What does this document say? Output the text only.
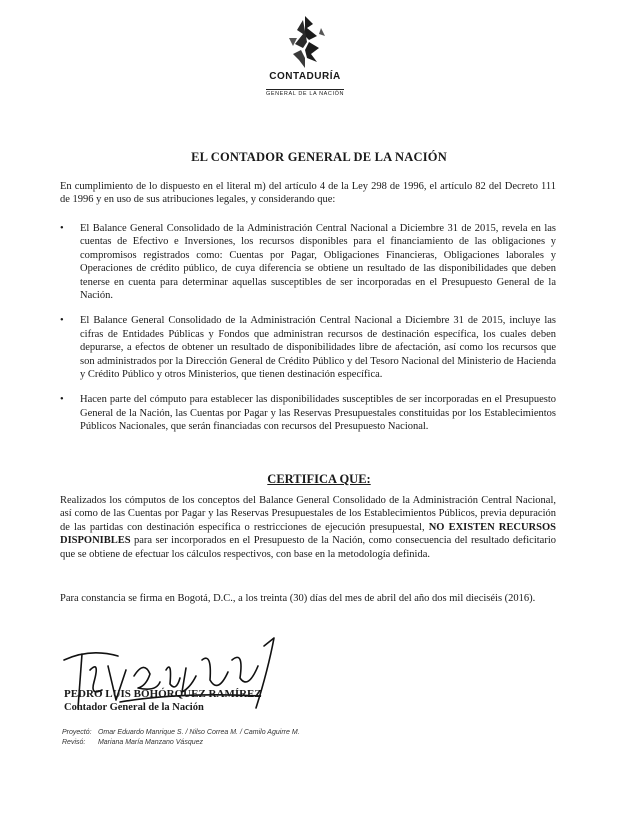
CONTADURÍA
GENERAL DE LA NACIÓN
EL CONTADOR GENERAL DE LA NACIÓN
En cumplimiento de lo dispuesto en el literal m) del artículo 4 de la Ley 298 de 1996, el artículo 82 del Decreto 111 de 1996 y en uso de sus atribuciones legales, y considerando que:
• El Balance General Consolidado de la Administración Central Nacional a Diciembre 31 de 2015, revela en las cuentas de Efectivo e Inversiones, los recursos disponibles para el financiamiento de las obligaciones y compromisos registrados como: Cuentas por Pagar, Obligaciones Financieras, Obligaciones laborales y Operaciones de crédito público, de cuya diferencia se obtiene un resultado de las disponibilidades que deben tenerse en cuenta para determinar aquellas susceptibles de ser incorporadas en el Presupuesto General de la Nación.
• El Balance General Consolidado de la Administración Central Nacional a Diciembre 31 de 2015, incluye las cifras de Entidades Públicas y Fondos que administran recursos de destinación específica, los cuales deben depurarse, a efectos de obtener un resultado de disponibilidades libre de afectación, así como los recursos que son administrados por la Dirección General de Crédito Público y del Tesoro Nacional del Ministerio de Hacienda y Crédito Público y otros Ministerios, que tienen destinación específica.
• Hacen parte del cómputo para establecer las disponibilidades susceptibles de ser incorporadas en el Presupuesto General de la Nación, las Cuentas por Pagar y las Reservas Presupuestales constituidas por los Establecimientos Públicos Nacionales, que serán financiadas con recursos del Presupuesto Nacional.
CERTIFICA QUE:
Realizados los cómputos de los conceptos del Balance General Consolidado de la Administración Central Nacional, así como de las Cuentas por Pagar y las Reservas Presupuestales de los Establecimientos Públicos, previa depuración de las partidas con destinación específica o restricciones de ejecución presupuestal, NO EXISTEN RECURSOS DISPONIBLES para ser incorporados en el Presupuesto de la Nación, como consecuencia del resultado deficitario que se obtiene de efectuar los cálculos respectivos, con base en la metodología definida.
Para constancia se firma en Bogotá, D.C., a los treinta (30) días del mes de abril del año dos mil dieciséis (2016).
PEDRO LUIS BOHÓRQUEZ RAMÍREZ
Contador General de la Nación
Proyectó: Omar Eduardo Manrique S. / Nilso Correa M. / Camilo Aguirre M.
Revisó: Mariana María Manzano Vásquez
